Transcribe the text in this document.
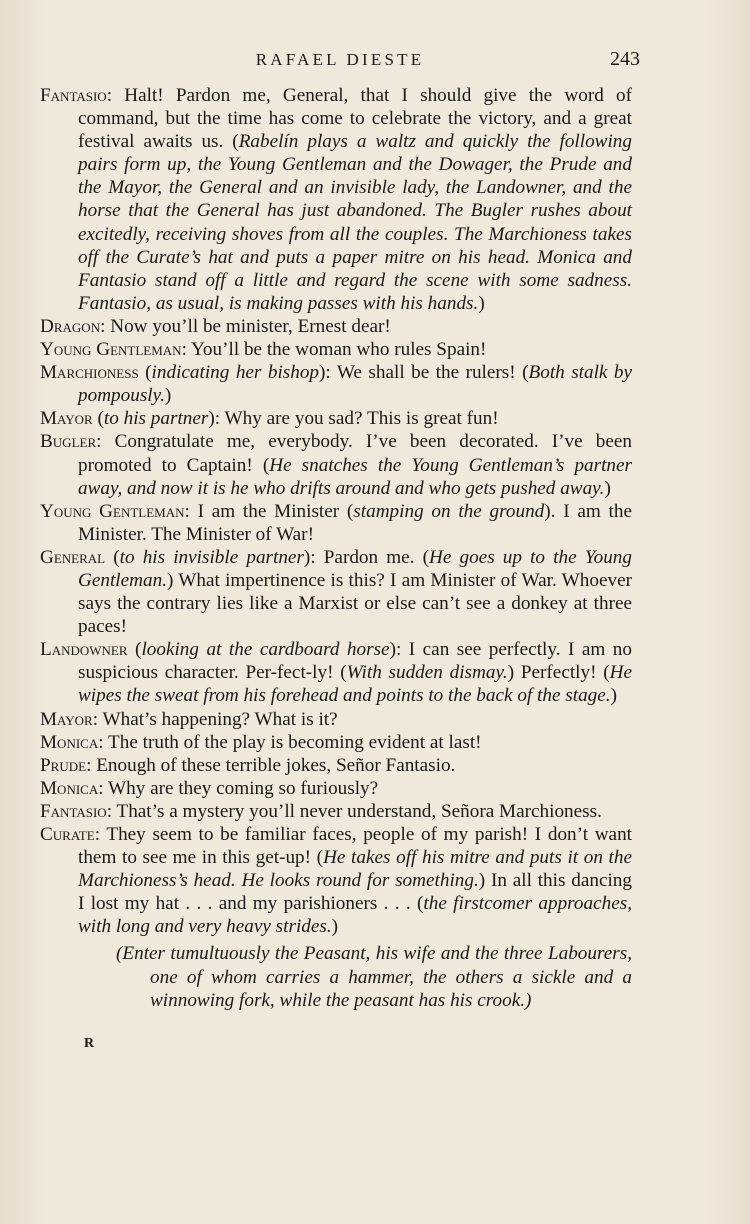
RAFAEL DIESTE	243

Fantasio: Halt! Pardon me, General, that I should give the word of command, but the time has come to celebrate the victory, and a great festival awaits us. (Rabelín plays a waltz and quickly the following pairs form up, the Young Gentleman and the Dowager, the Prude and the Mayor, the General and an invisible lady, the Landowner, and the horse that the General has just abandoned. The Bugler rushes about excitedly, receiving shoves from all the couples. The Marchioness takes off the Curate’s hat and puts a paper mitre on his head. Monica and Fantasio stand off a little and regard the scene with some sadness. Fantasio, as usual, is making passes with his hands.)

Dragon: Now you’ll be minister, Ernest dear!

Young Gentleman: You’ll be the woman who rules Spain!

Marchioness (indicating her bishop): We shall be the rulers! (Both stalk by pompously.)

Mayor (to his partner): Why are you sad? This is great fun!

Bugler: Congratulate me, everybody. I’ve been decorated. I’ve been promoted to Captain! (He snatches the Young Gentleman’s partner away, and now it is he who drifts around and who gets pushed away.)

Young Gentleman: I am the Minister (stamping on the ground). I am the Minister. The Minister of War!

General (to his invisible partner): Pardon me. (He goes up to the Young Gentleman.) What impertinence is this? I am Minister of War. Whoever says the contrary lies like a Marxist or else can’t see a donkey at three paces!

Landowner (looking at the cardboard horse): I can see perfectly. I am no suspicious character. Per-fect-ly! (With sudden dismay.) Perfectly! (He wipes the sweat from his forehead and points to the back of the stage.)

Mayor: What’s happening? What is it?

Monica: The truth of the play is becoming evident at last!

Prude: Enough of these terrible jokes, Señor Fantasio.

Monica: Why are they coming so furiously?

Fantasio: That’s a mystery you’ll never understand, Señora Marchioness.

Curate: They seem to be familiar faces, people of my parish! I don’t want them to see me in this get-up! (He takes off his mitre and puts it on the Marchioness’s head. He looks round for something.) In all this dancing I lost my hat . . . and my parishioners . . . (the firstcomer approaches, with long and very heavy strides.)

(Enter tumultuously the Peasant, his wife and the three Labourers, one of whom carries a hammer, the others a sickle and a winnowing fork, while the peasant has his crook.)

R
